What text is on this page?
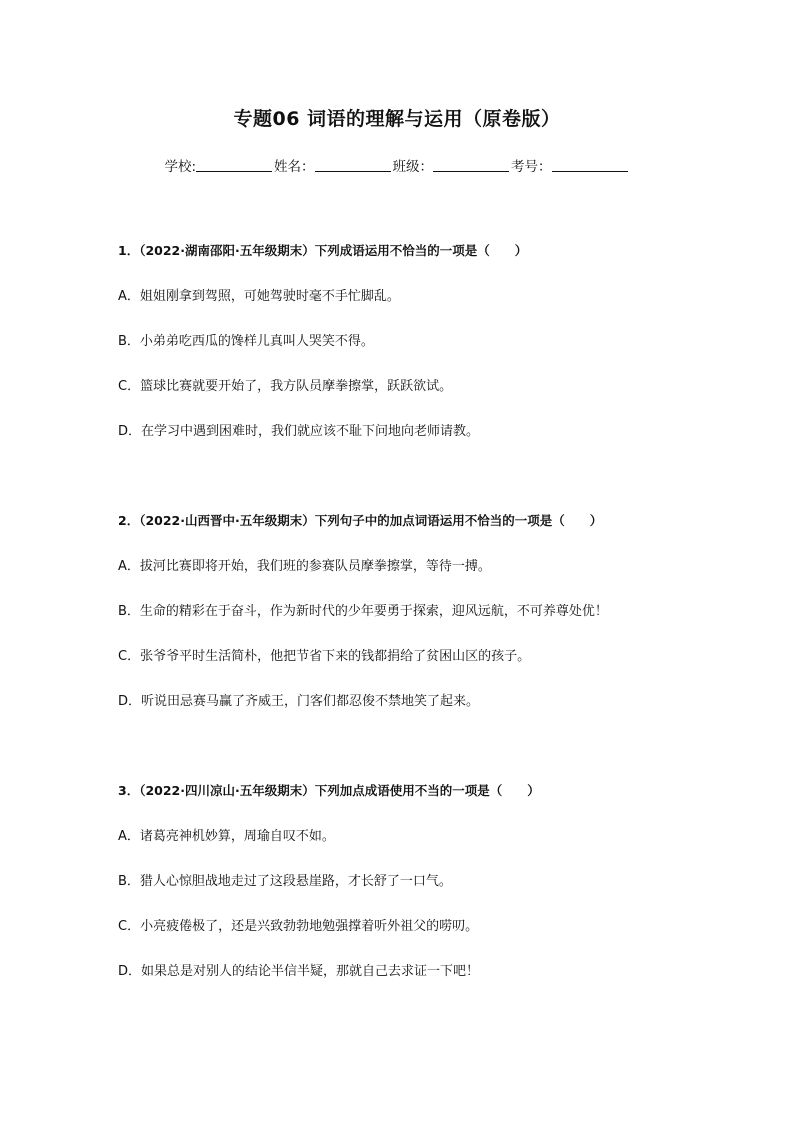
专题06 词语的理解与运用（原卷版）
学校:	姓名：	班级：	考号：
1．（2022·湖南邵阳·五年级期末）下列成语运用不恰当的一项是（　　）
A．姐姐刚拿到驾照，可她驾驶时毫不手忙脚乱。
B．小弟弟吃西瓜的馋样儿真叫人哭笑不得。
C．篮球比赛就要开始了，我方队员摩拳擦掌，跃跃欲试。
D．在学习中遇到困难时，我们就应该不耻下问地向老师请教。
2．（2022·山西晋中·五年级期末）下列句子中的加点词语运用不恰当的一项是（　　）
A．拔河比赛即将开始，我们班的参赛队员摩拳擦掌，等待一搏。
B．生命的精彩在于奋斗，作为新时代的少年要勇于探索，迎风远航，不可养尊处优！
C．张爷爷平时生活简朴，他把节省下来的钱都捐给了贫困山区的孩子。
D．听说田忌赛马赢了齐威王，门客们都忍俊不禁地笑了起来。
3．（2022·四川凉山·五年级期末）下列加点成语使用不当的一项是（　　）
A．诸葛亮神机妙算，周瑜自叹不如。
B．猎人心惊胆战地走过了这段悬崖路，才长舒了一口气。
C．小亮疲倦极了，还是兴致勃勃地勉强撑着听外祖父的唠叨。
D．如果总是对别人的结论半信半疑，那就自己去求证一下吧！
